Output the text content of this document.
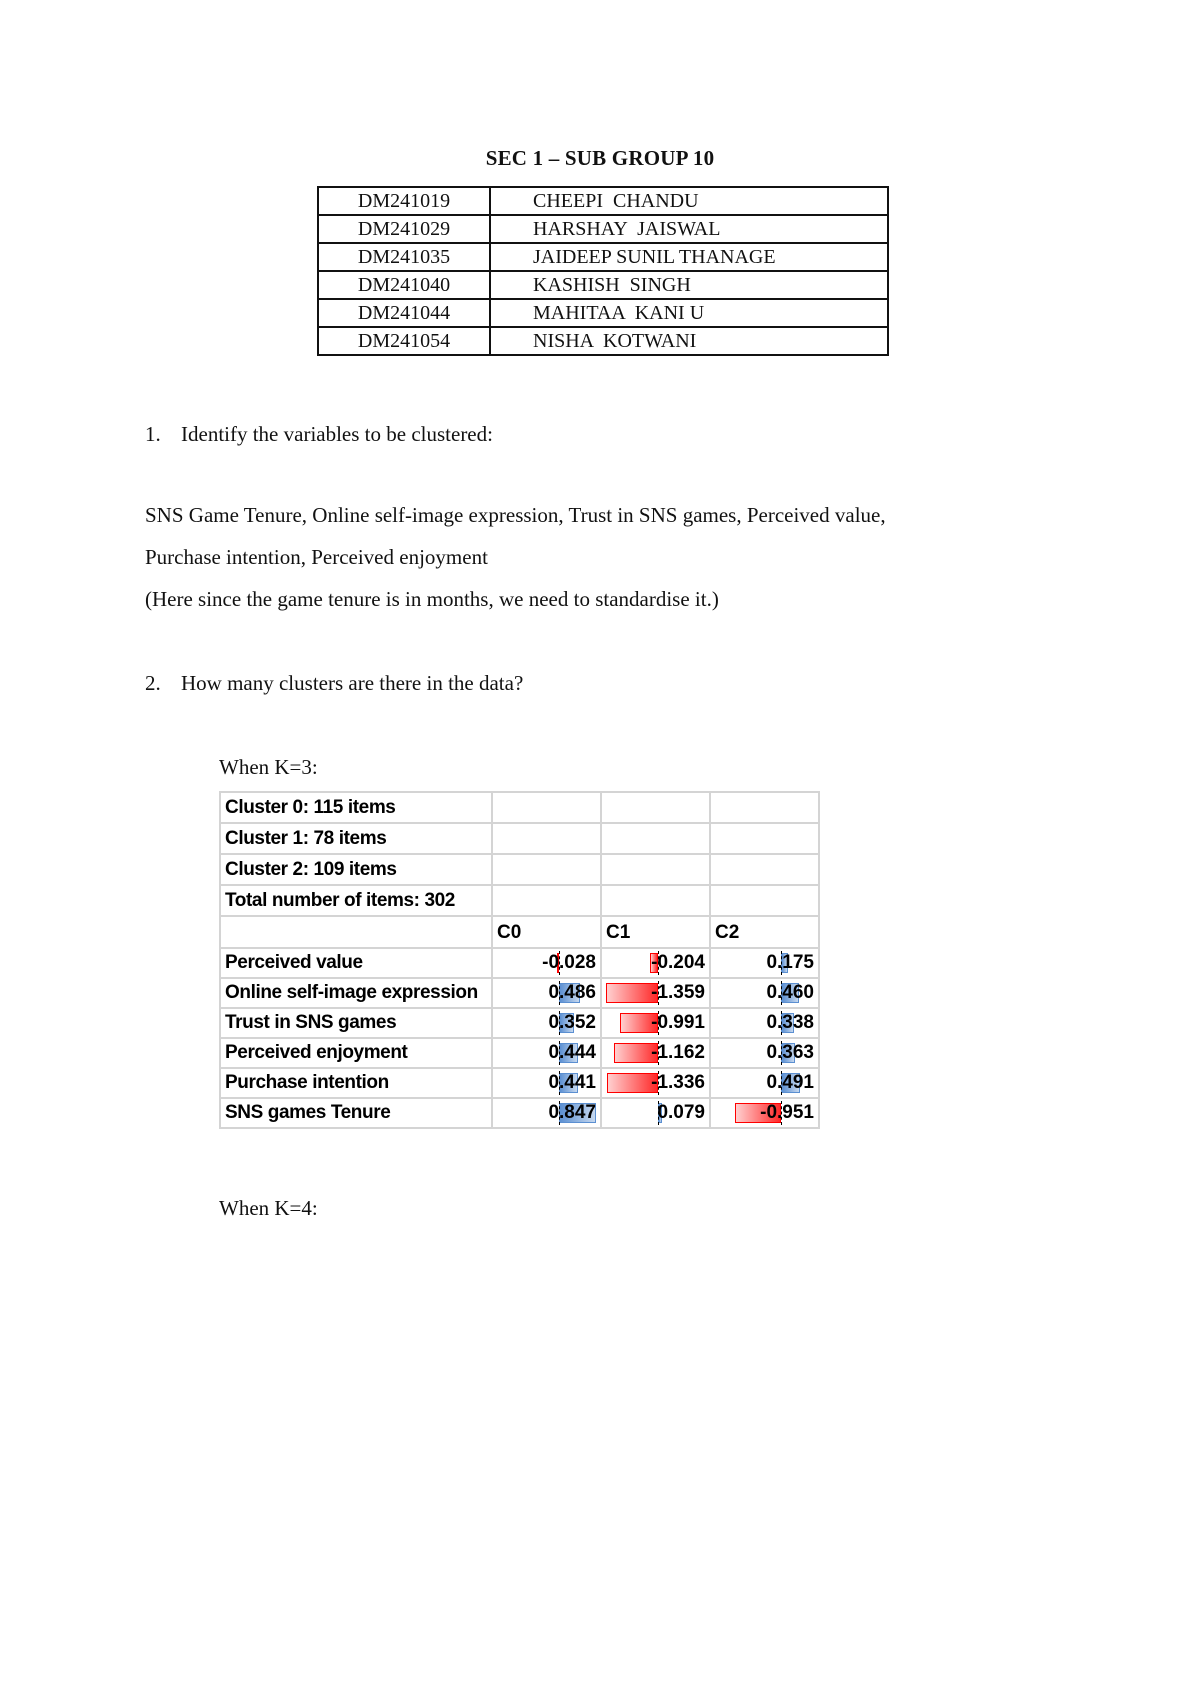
SEC 1 – SUB GROUP 10
DM241019	CHEEPI  CHANDU
DM241029	HARSHAY  JAISWAL
DM241035	JAIDEEP SUNIL THANAGE
DM241040	KASHISH  SINGH
DM241044	MAHITAA  KANI U
DM241054	NISHA  KOTWANI
1. Identify the variables to be clustered:
SNS Game Tenure, Online self-image expression, Trust in SNS games, Perceived value,
Purchase intention, Perceived enjoyment
(Here since the game tenure is in months, we need to standardise it.)
2. How many clusters are there in the data?
When K=3:
Cluster 0: 115 items			
Cluster 1: 78 items			
Cluster 2: 109 items			
Total number of items: 302			
	C0	C1	C2
Perceived value	-0.028	-0.204	0.175

Online self-image expression	0.486	-1.359	0.460

Trust in SNS games	0.352	-0.991	0.338

Perceived enjoyment	0.444	-1.162	0.363

Purchase intention	0.441	-1.336	0.491

SNS games Tenure	0.847	0.079	-0.951
When K=4:
